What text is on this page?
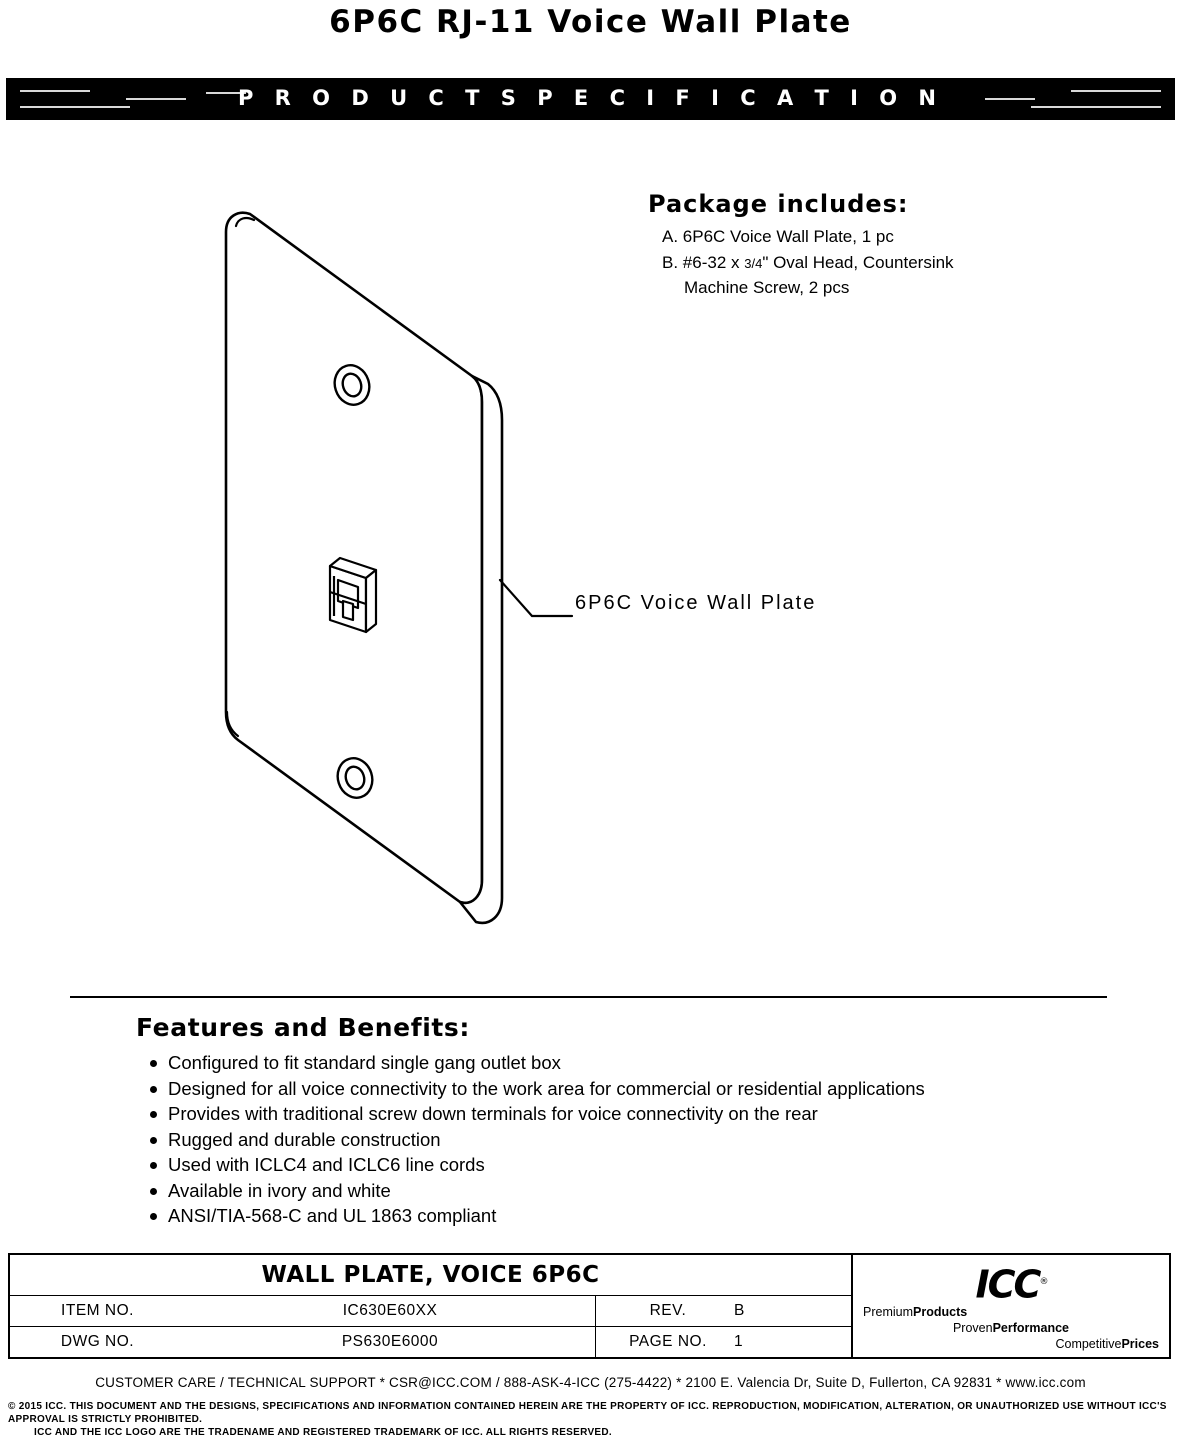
6P6C RJ-11 Voice Wall Plate
P R O D U C T S P E C I F I C A T I O N
Package includes:
A. 6P6C Voice Wall Plate, 1 pc
B. #6-32 x 3/4" Oval Head, Countersink
Machine Screw, 2 pcs
6P6C Voice Wall Plate
Features and Benefits:
Configured to fit standard single gang outlet box
Designed for all voice connectivity to the work area for commercial or residential applications
Provides with traditional screw down terminals for voice connectivity on the rear
Rugged and durable construction
Used with ICLC4 and ICLC6 line cords
Available in ivory and white
ANSI/TIA-568-C and UL 1863 compliant
WALL PLATE, VOICE 6P6C
ITEM NO.	IC630E60XX	REV.	B
DWG NO.	PS630E6000	PAGE NO.	1
ICC®
PremiumProducts
ProvenPerformance
CompetitivePrices
CUSTOMER CARE / TECHNICAL SUPPORT * CSR@ICC.COM / 888-ASK-4-ICC (275-4422) * 2100 E. Valencia Dr, Suite D, Fullerton, CA 92831 * www.icc.com
© 2015 ICC. THIS DOCUMENT AND THE DESIGNS, SPECIFICATIONS AND INFORMATION CONTAINED HEREIN ARE THE PROPERTY OF ICC. REPRODUCTION, MODIFICATION, ALTERATION, OR UNAUTHORIZED USE WITHOUT ICC'S APPROVAL IS STRICTLY PROHIBITED.
ICC AND THE ICC LOGO ARE THE TRADENAME AND REGISTERED TRADEMARK OF ICC. ALL RIGHTS RESERVED.
